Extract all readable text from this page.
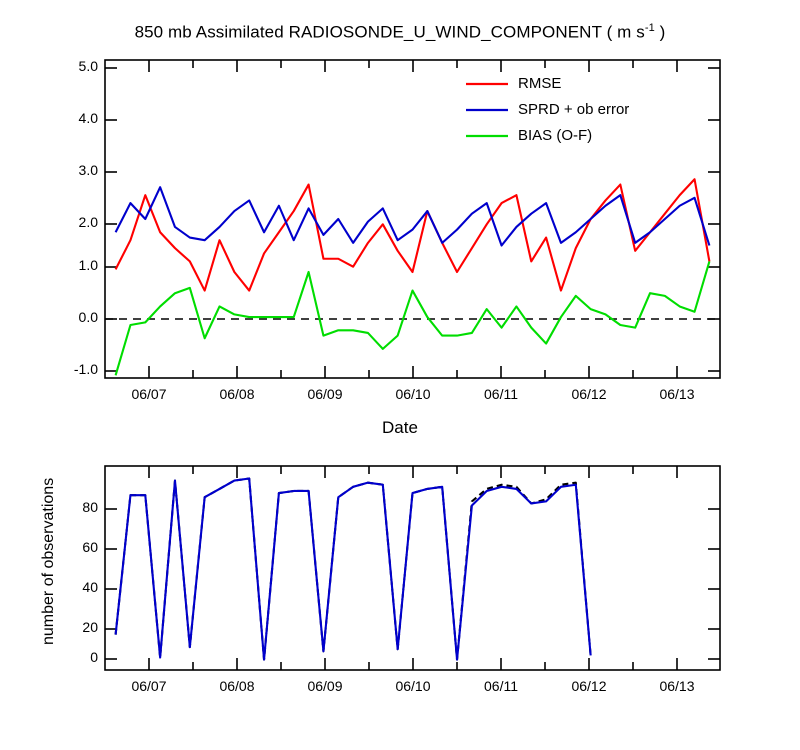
850 mb Assimilated RADIOSONDE_U_WIND_COMPONENT ( m $s^{-1}$ )
5.0
4.0
3.0
2.0
1.0
0.0
-1.0
06/07	06/08	06/09	06/10	06/11	06/12	06/13
Date
RMSE
SPRD + ob error
BIAS (O-F)
number of observations	80
60
40
20
0
06/07	06/08	06/09	06/10	06/11	06/12	06/13
